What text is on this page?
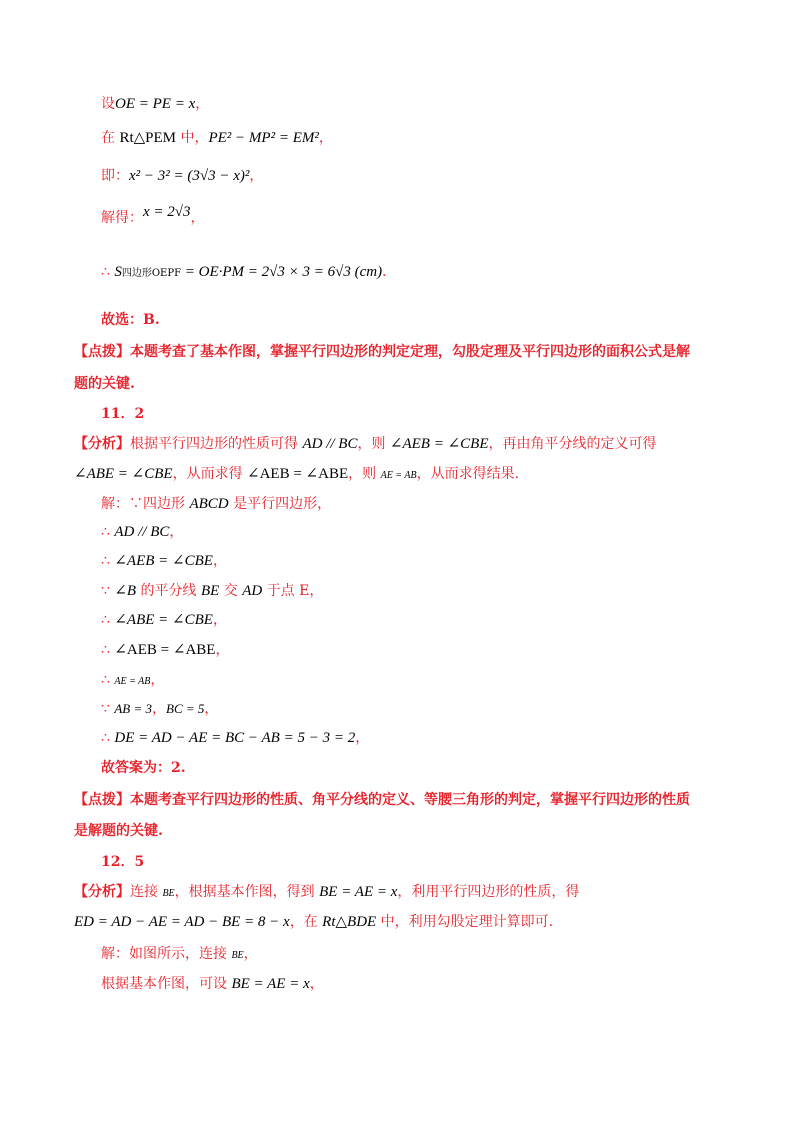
设OE = PE = x，
在 Rt△PEM 中，PE² − MP² = EM²，
即：x² − 3² = (3√3 − x)²，
解得：x = 2√3，
∴ S四边形OEPF = OE·PM = 2√3 × 3 = 6√3 (cm).
故选：B.
【点拨】本题考查了基本作图，掌握平行四边形的判定定理，勾股定理及平行四边形的面积公式是解
题的关键.
11．2
【分析】根据平行四边形的性质可得 AD // BC，则 ∠AEB = ∠CBE，再由角平分线的定义可得
∠ABE = ∠CBE，从而求得 ∠AEB = ∠ABE，则 AE = AB，从而求得结果.
解：∵四边形 ABCD 是平行四边形，
∴ AD // BC，
∴ ∠AEB = ∠CBE，
∵ ∠B 的平分线 BE 交 AD 于点 E，
∴ ∠ABE = ∠CBE，
∴ ∠AEB = ∠ABE，
∴ AE = AB，
∵ AB = 3，BC = 5，
∴ DE = AD − AE = BC − AB = 5 − 3 = 2，
故答案为：2.
【点拨】本题考查平行四边形的性质、角平分线的定义、等腰三角形的判定，掌握平行四边形的性质
是解题的关键.
12．5
【分析】连接 BE，根据基本作图，得到 BE = AE = x，利用平行四边形的性质，得
ED = AD − AE = AD − BE = 8 − x，在 Rt△BDE 中，利用勾股定理计算即可.
解：如图所示，连接 BE，
根据基本作图，可设 BE = AE = x，
